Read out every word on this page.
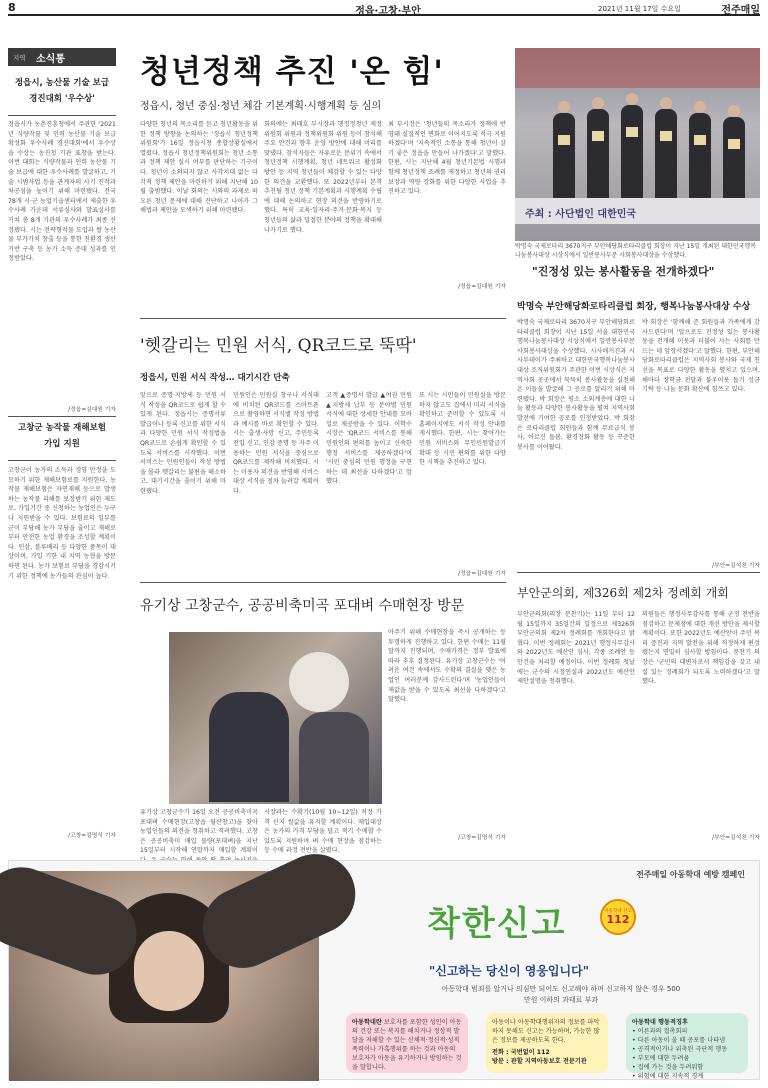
8	정읍·고창·부안	2021년 11월 17일 수요일	전주매일
지역 소식통
정읍시, 농산물 기술 보급
경진대회 '우수상'
정읍시가 농촌진흥청에서 주관한 '2021년 식량작물 및 인력 농산물 기술 보급 확성화 우수사례 경진대회'에서 우수상을 수상는 농진청 기관 표창을 받는다. 이번 대회는 식량작물과 인력 농산물 기술 보급에 대한 우수사례를 발굴하고, 기술 시범사업 등을 관계자의 사기 진작과 차공섬을 높이기 위해 마련됐다. 전국 78개 시·군 농업기술센터에서 제출한 우수사례 가운데 서류심사와 발표심사를 거쳐 총 8개 기관의 우수사례가 최종 선정됐다. 시는 전략형작물 도입과 쌀 농산물 부가가치 창출 등을 통한 친환경 생산 기반 구축 등 농가 소득 증대 성과를 인정받았다.
/정읍=김대원 기자
고창군 농작물 재해보험
가입 지원
고창군이 농가의 소득과 경영 안정을 도모하기 위한 재해보험료를 지원한다. 농작물 재해보험은 자연재해 등으로 발생하는 농작물 피해를 보장받기 위한 제도로, 가입기간 중 신청하는 농업인은 누구나 지원받을 수 있다. 보험료의 일부를 군이 부담해 농가 부담을 줄이고 재해로부터 안전한 농업 환경을 조성할 계획이다. 인삼, 블루베리 등 다양한 품목이 대상이며, 가입 기한 내 지역 농협을 방문하면 된다. 농가 보험료 부담을 경감시키기 위한 정책에 농가들의 관심이 높다.
/고창=김명식 기자
청년정책 추진 '온 힘'
정읍시, 청년 중심·청년 체감 기본계획·시행계획 등 심의
다양한 청년의 목소리를 듣고 청년활동을 위한 정책 방향을 논의하는 '정읍시 청년정책위원회'가 16일 정읍시청 종합상황실에서 열렸다. 정읍시 청년정책위원회는 청년 소통과 정책 제안 실시 여부를 판단하는 기구이다. 청년이 소외되지 않고 사각지대 없는 다각적 정책 제안을 마련하기 위해 지난해 10월 출범했다. 이날 회의는 시와의 과제로 떠오른 청년 문제에 대해 진단하고 나아가 그 해법과 제안을 모색하기 위해 마련됐다.
회의에는 최태호 부시장과 행정정청년 제정위원회 위원과 정책위원회 위원 등이 참석해 주요 안건과 향후 운영 방안에 대해 머리를 맞댔다. 참석자들은 자유로운 분위기 속에서 청년정책 시행계획, 청년 네트워크 활성화 방안 등 지역 청년들이 체감할 수 있는 다양한 의견을 교환했다. 또 2022년부터 본격 추진될 청년 정책 기본계획과 시행계획 수립에 대해 논의하고 현장 의견을 반영하기로 했다. 특히 교육·일자리·주거·문화·복지 등 청년들의 삶과 밀접한 분야의 정책을 확대해 나가기로 했다.
최 부시장은 '청년들의 목소리가 정책에 반영돼 실질적인 변화로 이어지도록 적극 지원하겠다'며 '지속적인 소통을 통해 청년이 살기 좋은 정읍을 만들어 나가겠다'고 말했다. 한편, 시는 지난해 4월 청년기본법 시행과 함께 청년정책 조례를 제정하고 청년의 권리 보장과 역량 강화를 위한 다양한 사업을 추진하고 있다.
/정읍=김대원 기자
주최 : 사단법인 대한민국
박명숙 국제로타리 3670지구 부안해당화로타리클럽 회장이 지난 15일 개최된 대한민국행복나눔봉사대상 시상식에서 일반봉사부문 사회봉사대상을 수상했다.
"진정성 있는 봉사활동을 전개하겠다"
박명숙 부안해당화로타리클럽 회장, 행복나눔봉사대상 수상
박명숙 국제로타리 3670지구 부안해당화로타리클럽 회장이 지난 15일 서울 대한민국행복나눔봉사대상 시상식에서 일반봉사부문 사회봉사대상을 수상했다. 시사매거진과 시사투데이가 주최하고 대한민국행복나눔봉사대상 조직위원회가 주관한 이번 시상식은 지역사회 곳곳에서 묵묵히 봉사활동을 실천해 온 이들을 발굴해 그 공로를 알리기 위해 마련됐다. 박 회장은 평소 소외계층에 대한 나눔 활동과 다양한 봉사활동을 펼쳐 지역사회 발전에 기여한 공로를 인정받았다. 박 회장은 로타리클럽 회원들과 함께 무료급식 봉사, 어르신 돌봄, 환경정화 활동 등 꾸준한 봉사를 이어왔다.
박 회장은 '함께해 준 회원들과 가족에게 감사드린다'며 '앞으로도 진정성 있는 봉사활동을 전개해 이웃과 더불어 사는 사회를 만드는 데 앞장서겠다'고 말했다. 한편, 부안해당화로타리클럽은 지역사회 봉사와 국제 친선을 목표로 다양한 활동을 펼치고 있으며, 해마다 장학금 전달과 불우이웃 돕기 성금 기탁 등 나눔 문화 확산에 힘쓰고 있다.
/부안=김석천 기자
'헷갈리는 민원 서식, QR코드로 뚝딱'
정읍시, 민원 서식 작성… 대기시간 단축
앞으로 증명·지방세 등 민원 서식 작성을 QR코드로 쉽게 할 수 있게 된다. 정읍시는 증명서류 발급이나 등록 신고를 위한 서식과 다양한 민원 서식 작성법을 QR코드로 손쉽게 확인할 수 있도록 서비스를 시작했다. 이번 서비스는 민원인들이 작성 방법을 몰라 헷갈리는 불편을 해소하고, 대기시간을 줄이기 위해 마련됐다.
민원인은 민원실 창구나 서식대에 비치된 QR코드를 스마트폰으로 촬영하면 서식별 작성 방법과 예시를 바로 확인할 수 있다. 시는 출생·사망 신고, 주민등록 전입 신고, 인감 증명 등 자주 이용하는 민원 서식을 중심으로 QR코드를 제작해 비치했다. 시는 이용자 의견을 반영해 서비스 대상 서식을 점차 늘려갈 계획이다.
고객 ▲증명서 발급 ▲여권 민원 ▲지방세 납부 등 분야별 민원 서식에 대한 상세한 안내를 모바일로 제공받을 수 있다. 이학수 시장은 'QR코드 서비스를 통해 민원인의 편의를 높이고 신속한 행정 서비스를 제공하겠다'며 '시민 중심의 민원 행정을 구현하는 데 최선을 다하겠다'고 말했다.
또 시는 시민들이 민원실을 방문하지 않고도 집에서 미리 서식을 확인하고 준비할 수 있도록 시 홈페이지에도 서식 작성 안내를 게시했다. 한편, 시는 찾아가는 민원 서비스와 무인민원발급기 확대 등 시민 편의를 위한 다양한 시책을 추진하고 있다.
/정읍=김대원 기자
유기상 고창군수, 공공비축미곡 포대벼 수매현장 방문
유기상 고창군수가 16일 오전 공공비축미곡 포대벼 수매현장(고창읍 월산창고)을 찾아 농업인들의 의견을 청취하고 격려했다. 고창은 공공비축미 매입 물량(포대벼)을 지난 15일부터 시작해 연말까지 매입할 계획이
시장과는 수확기(10월 10~12일) 적정 가격 산지 쌀값을 유지할 계획이다. 매입대상은 농가의 가격 부담을 덜고 적기 수매할 수 있도록 지원하며 벼 수매 현장을 점검하는 등 수매 과정 전반을 살폈다.
아주기 위해 수매현장을 즉시 공개하는 등 투명하게 진행하고 있다. 한편 수매는 11월 말까지 진행되며, 수매가격은 정부 발표에 따라 추후 결정된다. 유기상 고창군수는 '어려운 여건 속에서도 수확의 결실을 맺은 농업인 여러분께 감사드린다'며 '농업인들이 제값을 받을 수 있도록 최선을 다하겠다'고 말했다.
/고창=김명식 기자
부안군의회, 제326회 제2차 정례회 개회
부안군의회(의장 문찬기)는 11일 부터 12월 15일까지 35일간의 일정으로 제326회 부안군의회 제2차 정례회를 개회한다고 밝혔다. 이번 정례회는 2021년 행정사무감사와 2022년도 예산안 심사, 각종 조례안 등 안건을 처리할 예정이다. 이번 정례회 첫날에는 군수의 시정연설과 2022년도 예산안 제안설명을 청취했다.
의원들은 행정사무감사를 통해 군정 전반을 점검하고 문제점에 대한 개선 방안을 제시할 계획이다. 또한 2022년도 예산안이 주민 복리 증진과 지역 발전을 위해 적정하게 편성됐는지 면밀히 심사할 방침이다. 문찬기 의장은 '군민의 대변자로서 책임감을 갖고 내실 있는 정례회가 되도록 노력하겠다'고 말했다.
/부안=김석천 기자
전주매일 아동학대 예방 캠페인
착한신고	아동학대 신고
112
"신고하는 당신이 영웅입니다"
아동학대 범죄를 알거나 의심만 되어도 신고해야 하며 신고하지 않은 경우 500만원 이하의 과태료 부과
아동학대란 보호자를 포함한 성인이 아동의 건강 또는 복지를 해치거나 정상적 발달을 저해할 수 있는 신체적·정신적·성적 폭력이나 가혹행위를 하는 것과 아동의 보호자가 아동을 유기하거나 방임하는 것을 말합니다.
아동이나 아동학대행위자의 정보를 파악하지 못해도 신고는 가능하며, 가능한 많은 정보를 제공하도록 한다.
전화 : 국번없이 112
방문 : 관할 지역아동보호 전문기관
아동학대 행동적징후
• 어른과의 접촉회피
• 다른 아동이 울 때 공포를 나타냄
• 공격적이거나 위축된 극단적 행동
• 부모에 대한 두려움
• 집에 가는 것을 두려워함
• 위험에 대한 지속적 경계
